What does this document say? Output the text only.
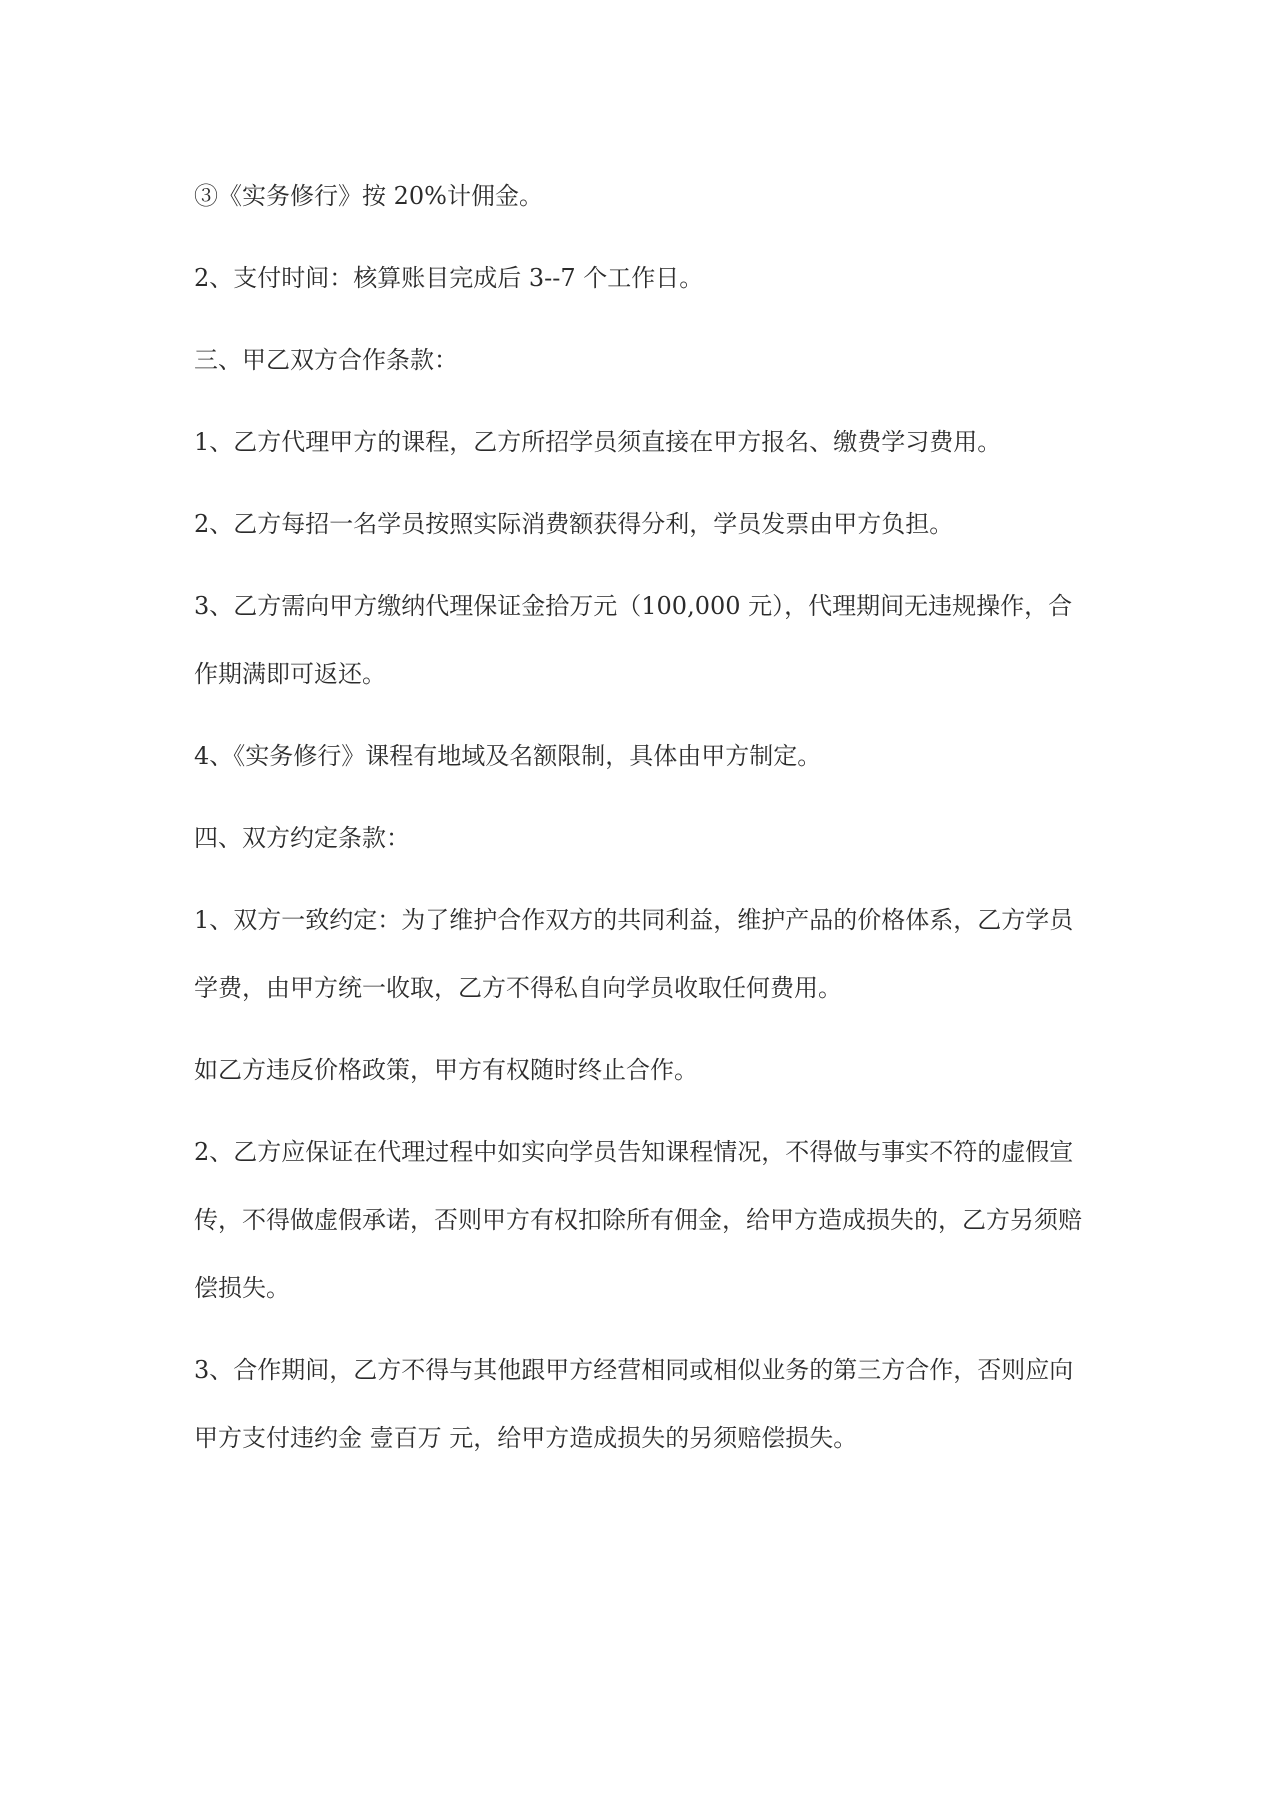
③《实务修行》按 20%计佣金。

2、支付时间：核算账目完成后 3--7 个工作日。

三、甲乙双方合作条款：

1、乙方代理甲方的课程，乙方所招学员须直接在甲方报名、缴费学习费用。

2、乙方每招一名学员按照实际消费额获得分利，学员发票由甲方负担。

3、乙方需向甲方缴纳代理保证金拾万元（100,000 元），代理期间无违规操作，合作期满即可返还。

4、《实务修行》课程有地域及名额限制，具体由甲方制定。

四、双方约定条款：

1、双方一致约定：为了维护合作双方的共同利益，维护产品的价格体系，乙方学员学费，由甲方统一收取，乙方不得私自向学员收取任何费用。

如乙方违反价格政策，甲方有权随时终止合作。

2、乙方应保证在代理过程中如实向学员告知课程情况，不得做与事实不符的虚假宣传，不得做虚假承诺，否则甲方有权扣除所有佣金，给甲方造成损失的，乙方另须赔偿损失。

3、合作期间，乙方不得与其他跟甲方经营相同或相似业务的第三方合作，否则应向甲方支付违约金 壹百万 元，给甲方造成损失的另须赔偿损失。
